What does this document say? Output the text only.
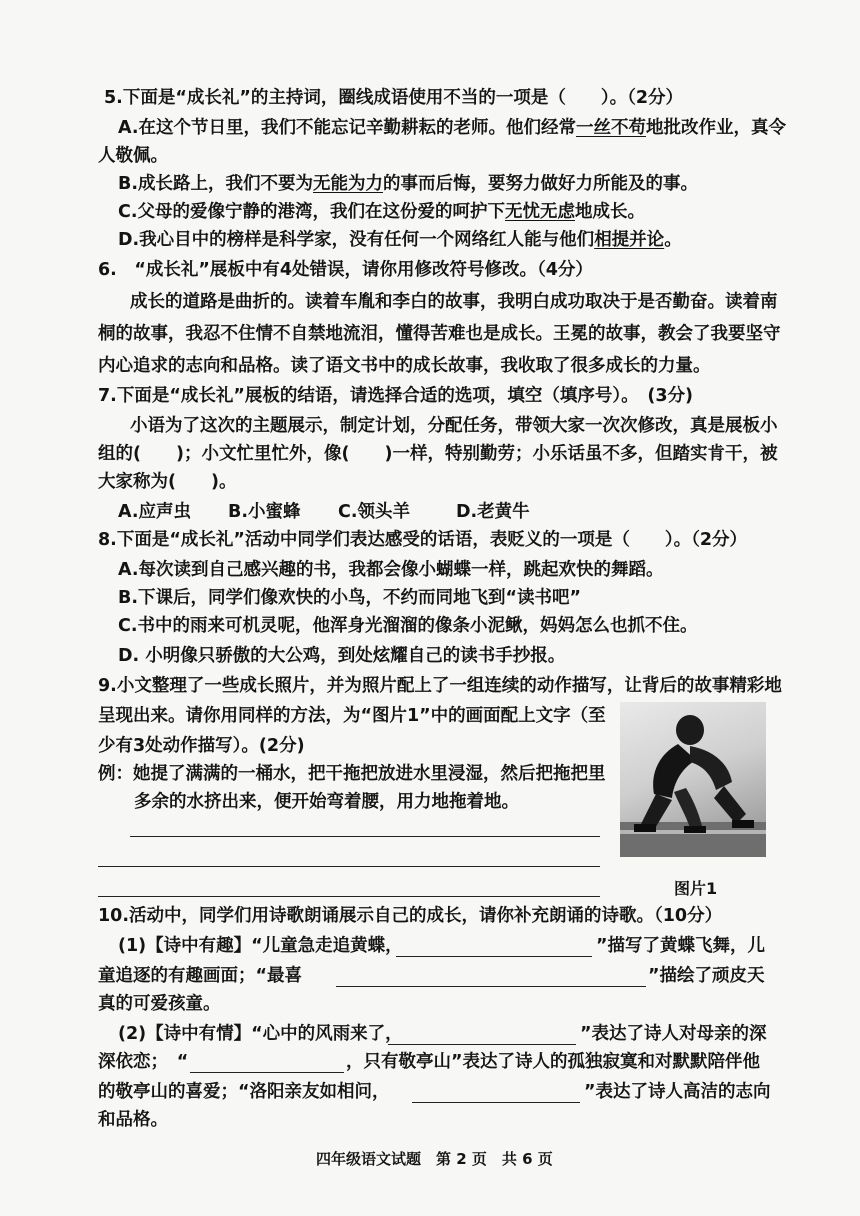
5.下面是“成长礼”的主持词，圈线成语使用不当的一项是（　　）。（2分）
A.在这个节日里，我们不能忘记辛勤耕耘的老师。他们经常一丝不苟地批改作业，真令
人敬佩。
B.成长路上，我们不要为无能为力的事而后悔，要努力做好力所能及的事。
C.父母的爱像宁静的港湾，我们在这份爱的呵护下无忧无虑地成长。
D.我心目中的榜样是科学家，没有任何一个网络红人能与他们相提并论。
6.　“成长礼”展板中有4处错误，请你用修改符号修改。（4分）
成长的道路是曲折的。读着车胤和李白的故事，我明白成功取决于是否勤奋。读着南
桐的故事，我忍不住情不自禁地流泪，懂得苦难也是成长。王冕的故事，教会了我要坚守
内心追求的志向和品格。读了语文书中的成长故事，我收取了很多成长的力量。
7.下面是“成长礼”展板的结语，请选择合适的选项，填空（填序号）。　(3分)
小语为了这次的主题展示，制定计划，分配任务，带领大家一次次修改，真是展板小
组的(　　)；小文忙里忙外，像(　　)一样，特别勤劳；小乐话虽不多，但踏实肯干，被
大家称为(　　)。
A.应声虫 B.小蜜蜂 C.领头羊	D.老黄牛
8.下面是“成长礼”活动中同学们表达感受的话语，表贬义的一项是（　　）。（2分）
A.每次读到自己感兴趣的书，我都会像小蝴蝶一样，跳起欢快的舞蹈。
B.下课后，同学们像欢快的小鸟，不约而同地飞到“读书吧”
C.书中的雨来可机灵呢，他浑身光溜溜的像条小泥鳅，妈妈怎么也抓不住。
D. 小明像只骄傲的大公鸡，到处炫耀自己的读书手抄报。
9.小文整理了一些成长照片，并为照片配上了一组连续的动作描写，让背后的故事精彩地
呈现出来。请你用同样的方法，为“图片1”中的画面配上文字（至
少有3处动作描写）。(2分)
例：她提了满满的一桶水，把干拖把放进水里浸湿，然后把拖把里
多余的水挤出来，便开始弯着腰，用力地拖着地。
图片1
10.活动中，同学们用诗歌朗诵展示自己的成长，请你补充朗诵的诗歌。（10分）
(1)【诗中有趣】“儿童急走追黄蝶，	”描写了黄蝶飞舞，儿
童追逐的有趣画面；“最喜	”描绘了顽皮天
真的可爱孩童。
(2)【诗中有情】“心中的风雨来了，	”表达了诗人对母亲的深
深依恋；　“	，只有敬亭山”表达了诗人的孤独寂寞和对默默陪伴他
的敬亭山的喜爱；“洛阳亲友如相问，	”表达了诗人高洁的志向
和品格。
四年级语文试题　第 2 页　共 6 页
